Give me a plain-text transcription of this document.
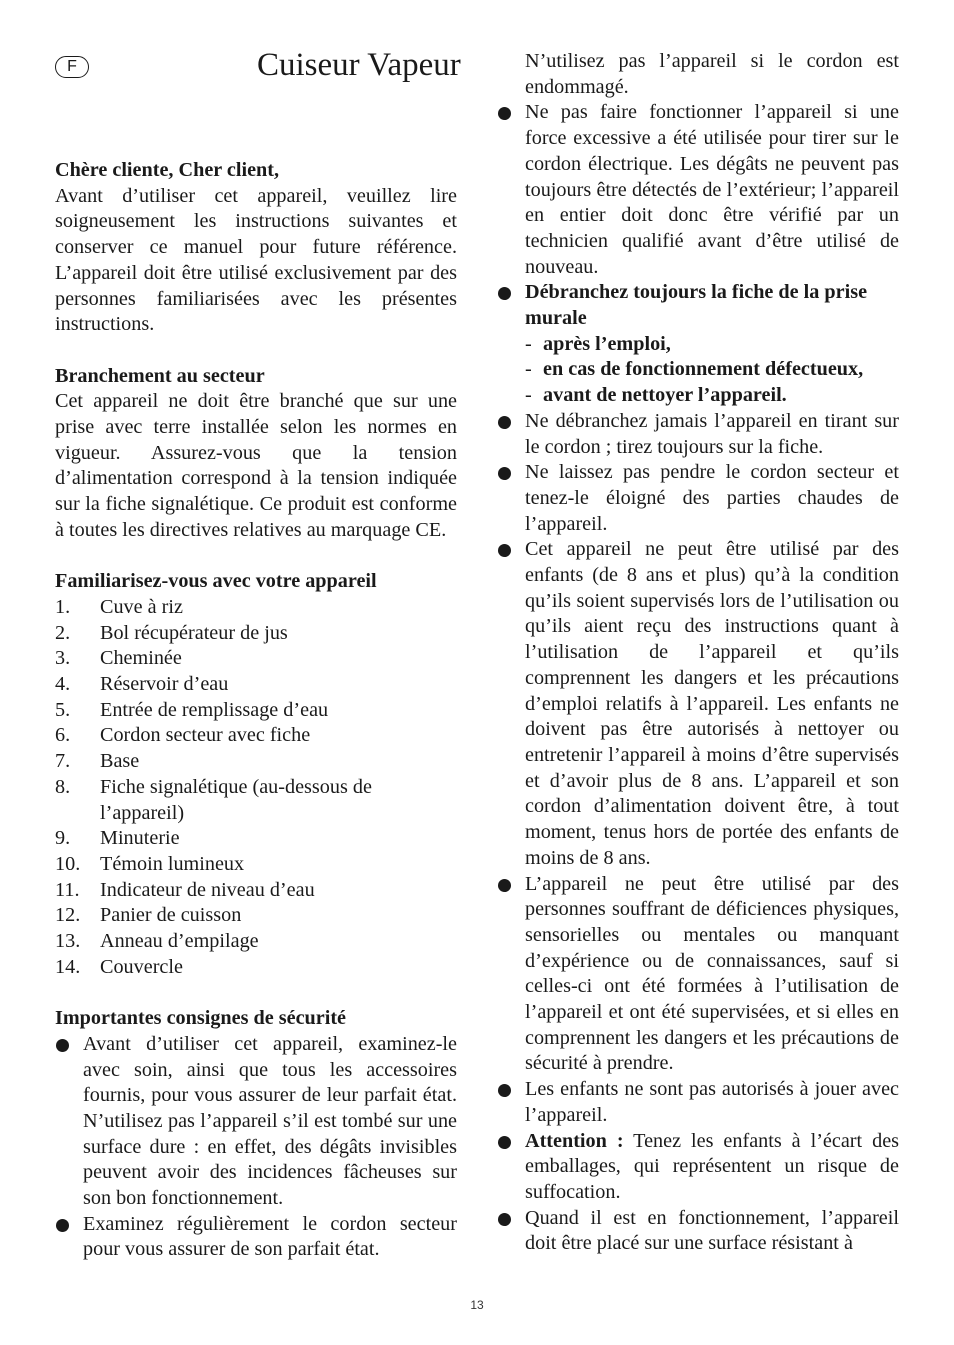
F	Cuiseur Vapeur

Chère cliente, Cher client,

Avant d’utiliser cet appareil, veuillez lire soigneusement les instructions suivantes et conserver ce manuel pour future référence. L’appareil doit être utilisé exclusivement par des personnes familiarisées avec les présentes instructions.

Branchement au secteur

Cet appareil ne doit être branché que sur une prise avec terre installée selon les normes en vigueur. Assurez-vous que la tension d’alimentation correspond à la tension indiquée sur la fiche signalétique. Ce produit est conforme à toutes les directives relatives au marquage CE.

Familiarisez-vous avec votre appareil

1.	Cuve à riz
2.	Bol récupérateur de jus
3.	Cheminée
4.	Réservoir d’eau
5.	Entrée de remplissage d’eau
6.	Cordon secteur avec fiche
7.	Base
8.	Fiche signalétique (au-dessous de l’appareil)
9.	Minuterie
10. Témoin lumineux
11.	Indicateur de niveau d’eau
12. Panier de cuisson
13. Anneau d’empilage
14. Couvercle

Importantes consignes de sécurité

Avant d’utiliser cet appareil, examinez-le avec soin, ainsi que tous les accessoires fournis, pour vous assurer de leur parfait état. N’utilisez pas l’appareil s’il est tombé sur une surface dure : en effet, des dégâts invisibles peuvent avoir des incidences fâcheuses sur son bon fonctionnement.
Examinez régulièrement le cordon secteur pour vous assurer de son parfait état.
N’utilisez pas l’appareil si le cordon est endommagé.
Ne pas faire fonctionner l’appareil si une force excessive a été utilisée pour tirer sur le cordon électrique. Les dégâts ne peuvent pas toujours être détectés de l’extérieur; l’appareil en entier doit donc être vérifié par un technicien qualifié avant d’être utilisé de nouveau.
Débranchez toujours la fiche de la prise murale
- après l’emploi,
- en cas de fonctionnement défectueux,
- avant de nettoyer l’appareil.
Ne débranchez jamais l’appareil en tirant sur le cordon ; tirez toujours sur la fiche.
Ne laissez pas pendre le cordon secteur et tenez-le éloigné des parties chaudes de l’appareil.
Cet appareil ne peut être utilisé par des enfants (de 8 ans et plus) qu’à la condition qu’ils soient supervisés lors de l’utilisation ou qu’ils aient reçu des instructions quant à l’utilisation de l’appareil et qu’ils comprennent les dangers et les précautions d’emploi relatifs à l’appareil. Les enfants ne doivent pas être autorisés à nettoyer ou entretenir l’appareil à moins d’être supervisés et d’avoir plus de 8 ans. L’appareil et son cordon d’alimentation doivent être, à tout moment, tenus hors de portée des enfants de moins de 8 ans.
L’appareil ne peut être utilisé par des personnes souffrant de déficiences physiques, sensorielles ou mentales ou manquant d’expérience ou de connaissances, sauf si celles-ci ont été formées à l’utilisation de l’appareil et ont été supervisées, et si elles en comprennent les dangers et les précautions de sécurité à prendre.
Les enfants ne sont pas autorisés à jouer avec l’appareil.
Attention : Tenez les enfants à l’écart des emballages, qui représentent un risque de suffocation.
Quand il est en fonctionnement, l’appareil doit être placé sur une surface résistant à
13
